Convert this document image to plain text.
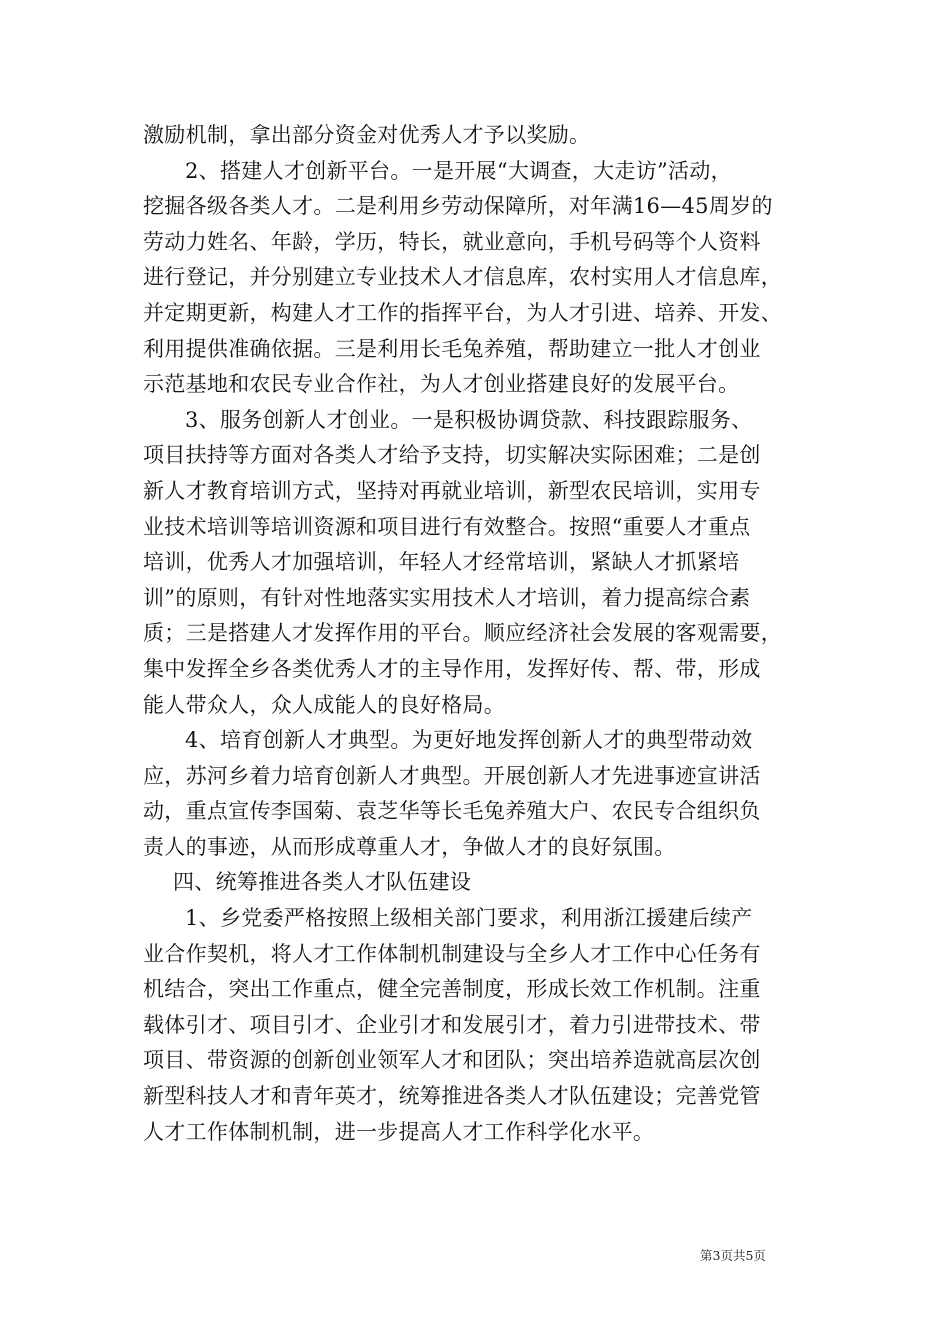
激励机制，拿出部分资金对优秀人才予以奖励。
2、搭建人才创新平台。一是开展“大调查，大走访”活动，
挖掘各级各类人才。二是利用乡劳动保障所，对年满16—45周岁的
劳动力姓名、年龄，学历，特长，就业意向，手机号码等个人资料
进行登记，并分别建立专业技术人才信息库，农村实用人才信息库，
并定期更新，构建人才工作的指挥平台，为人才引进、培养、开发、
利用提供准确依据。三是利用长毛兔养殖，帮助建立一批人才创业
示范基地和农民专业合作社，为人才创业搭建良好的发展平台。
3、服务创新人才创业。一是积极协调贷款、科技跟踪服务、
项目扶持等方面对各类人才给予支持，切实解决实际困难；二是创
新人才教育培训方式，坚持对再就业培训，新型农民培训，实用专
业技术培训等培训资源和项目进行有效整合。按照“重要人才重点
培训，优秀人才加强培训，年轻人才经常培训，紧缺人才抓紧培
训”的原则，有针对性地落实实用技术人才培训，着力提高综合素
质；三是搭建人才发挥作用的平台。顺应经济社会发展的客观需要，
集中发挥全乡各类优秀人才的主导作用，发挥好传、帮、带，形成
能人带众人，众人成能人的良好格局。
4、培育创新人才典型。为更好地发挥创新人才的典型带动效
应，苏河乡着力培育创新人才典型。开展创新人才先进事迹宣讲活
动，重点宣传李国菊、袁芝华等长毛兔养殖大户、农民专合组织负
责人的事迹，从而形成尊重人才，争做人才的良好氛围。
四、统筹推进各类人才队伍建设
1、乡党委严格按照上级相关部门要求，利用浙江援建后续产
业合作契机，将人才工作体制机制建设与全乡人才工作中心任务有
机结合，突出工作重点，健全完善制度，形成长效工作机制。注重
载体引才、项目引才、企业引才和发展引才，着力引进带技术、带
项目、带资源的创新创业领军人才和团队；突出培养造就高层次创
新型科技人才和青年英才，统筹推进各类人才队伍建设；完善党管
人才工作体制机制，进一步提高人才工作科学化水平。
第3页共5页
